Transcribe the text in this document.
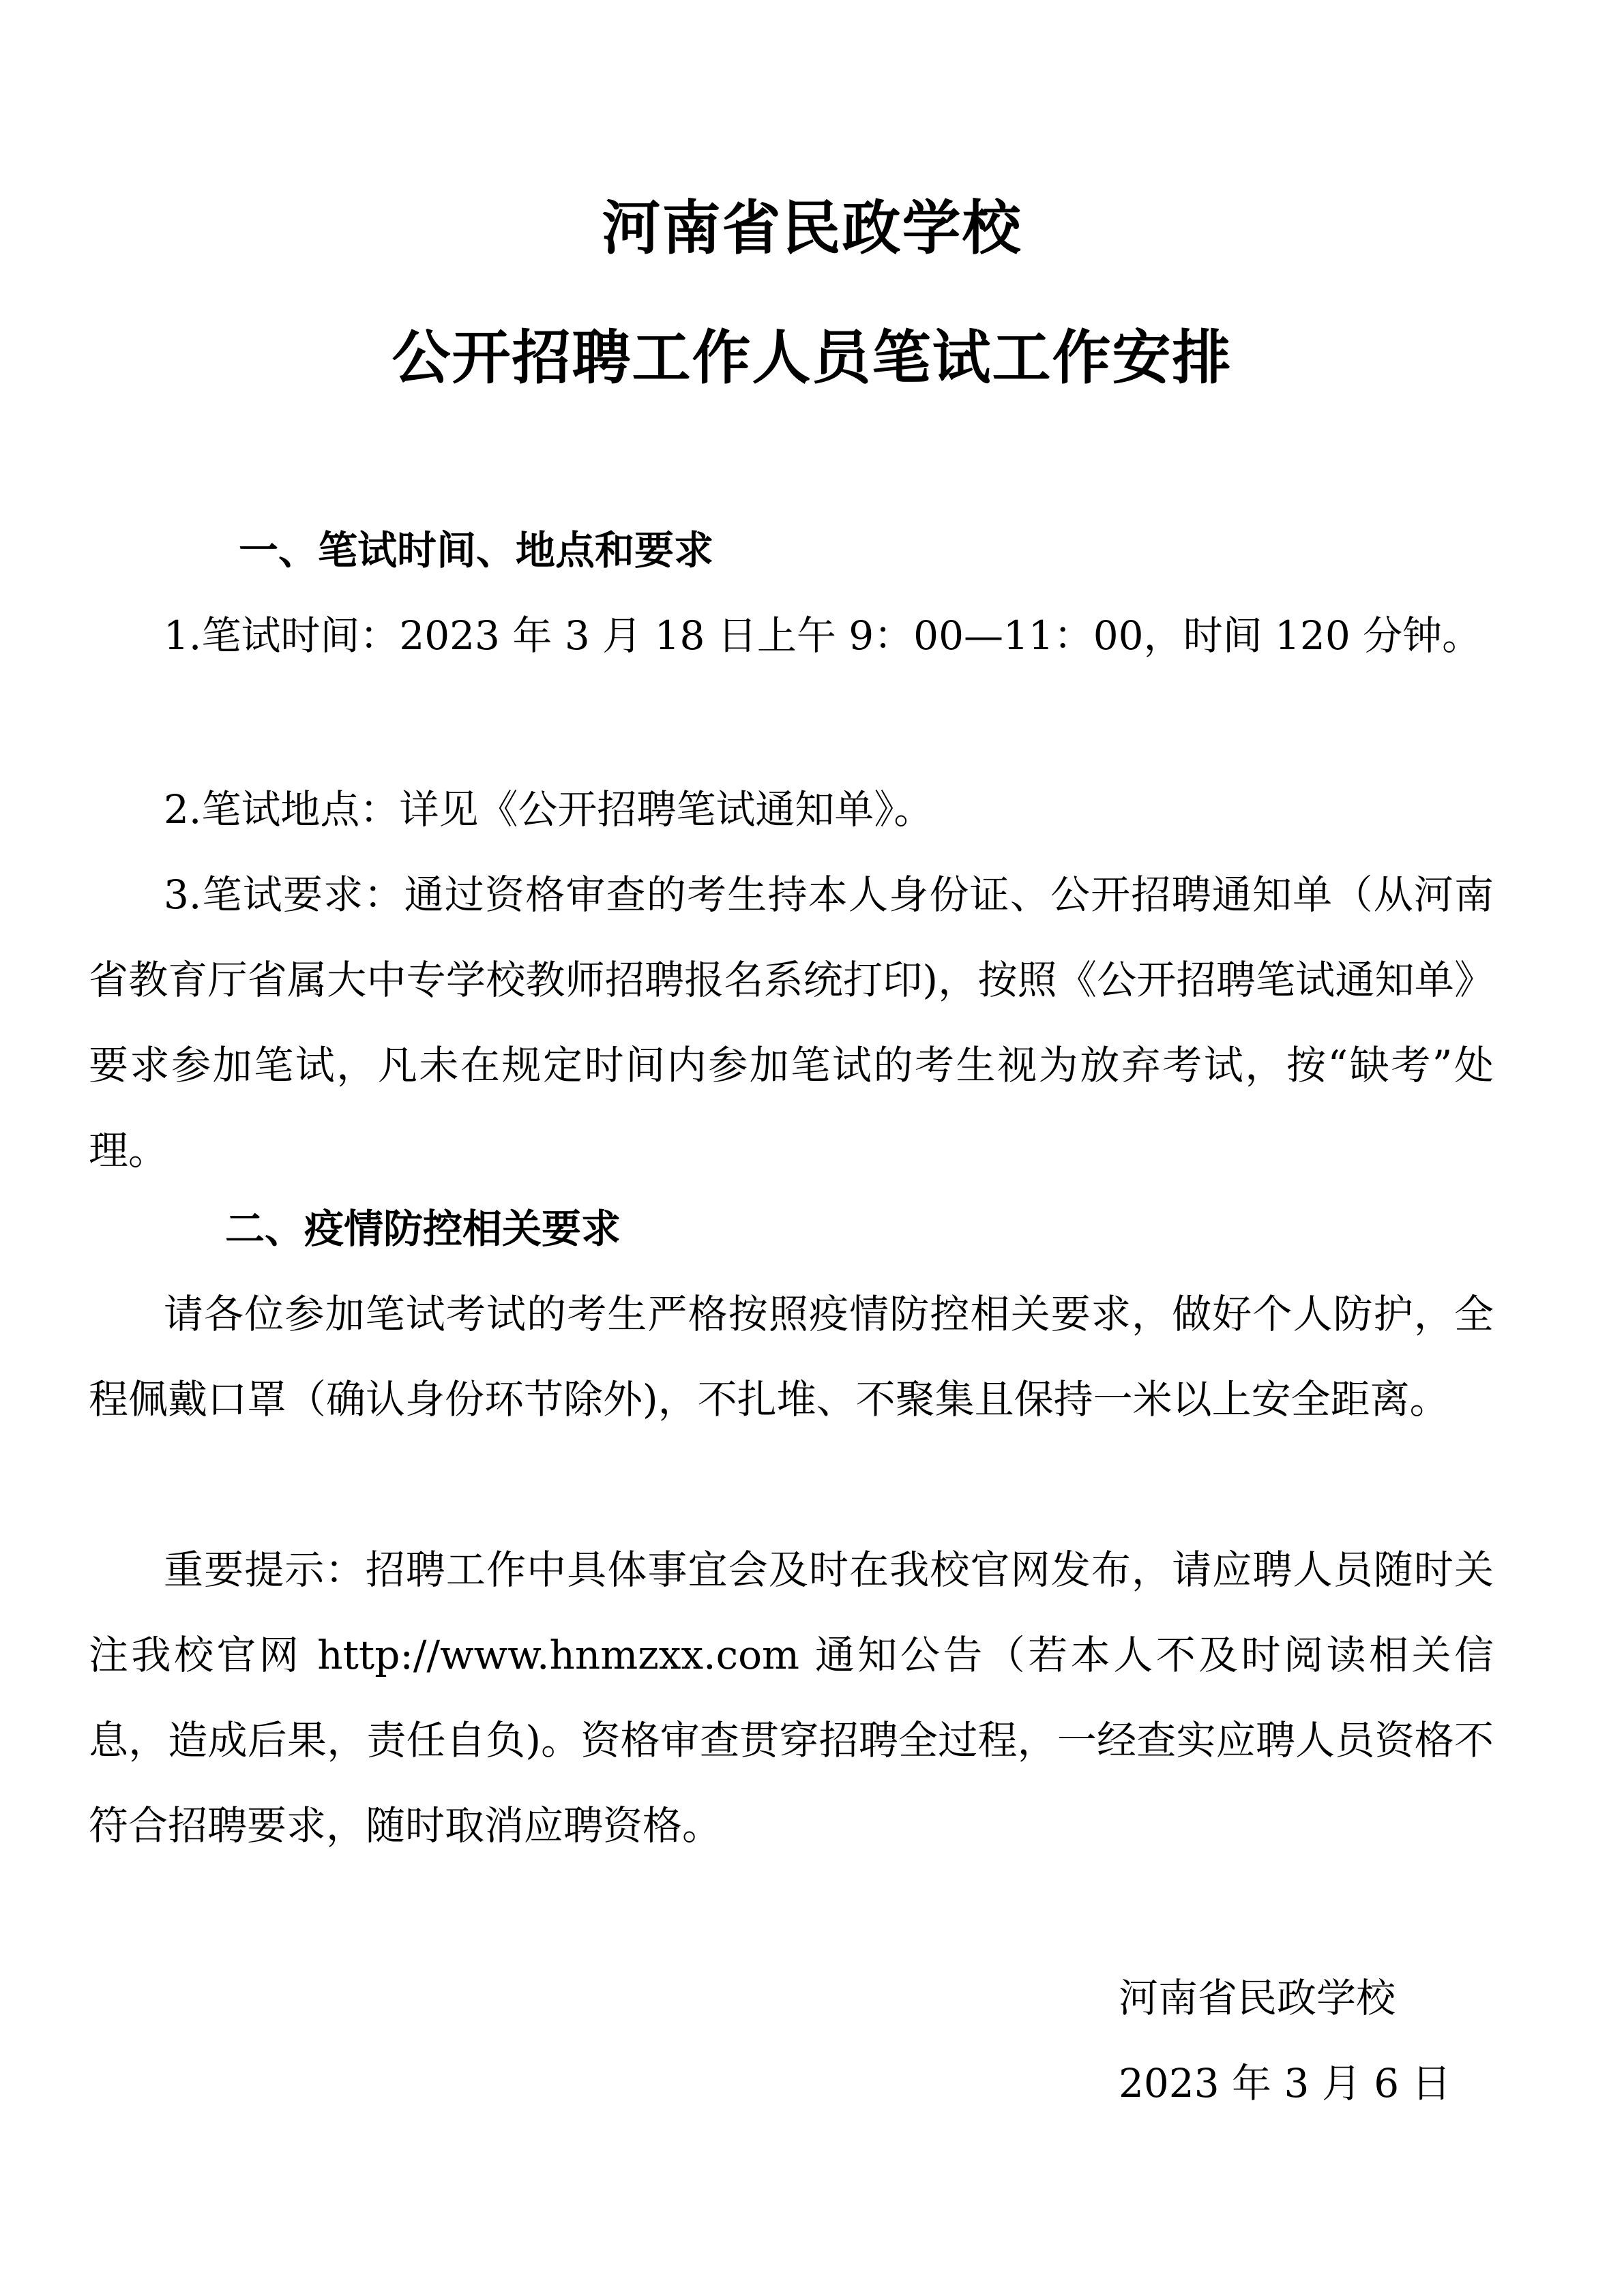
河南省民政学校
公开招聘工作人员笔试工作安排

一、笔试时间、地点和要求

1.笔试时间：2023 年 3 月 18 日上午 9：00—11：00，时间 120 分钟。

2.笔试地点：详见《公开招聘笔试通知单》。

3.笔试要求：通过资格审查的考生持本人身份证、公开招聘通知单（从河南省教育厅省属大中专学校教师招聘报名系统打印)，按照《公开招聘笔试通知单》要求参加笔试，凡未在规定时间内参加笔试的考生视为放弃考试，按“缺考”处理。

二、疫情防控相关要求

请各位参加笔试考试的考生严格按照疫情防控相关要求，做好个人防护，全程佩戴口罩（确认身份环节除外)，不扎堆、不聚集且保持一米以上安全距离。

重要提示：招聘工作中具体事宜会及时在我校官网发布，请应聘人员随时关注我校官网 http://www.hnmzxx.com 通知公告（若本人不及时阅读相关信息，造成后果，责任自负)。资格审查贯穿招聘全过程，一经查实应聘人员资格不符合招聘要求，随时取消应聘资格。

河南省民政学校

2023 年 3 月 6 日
